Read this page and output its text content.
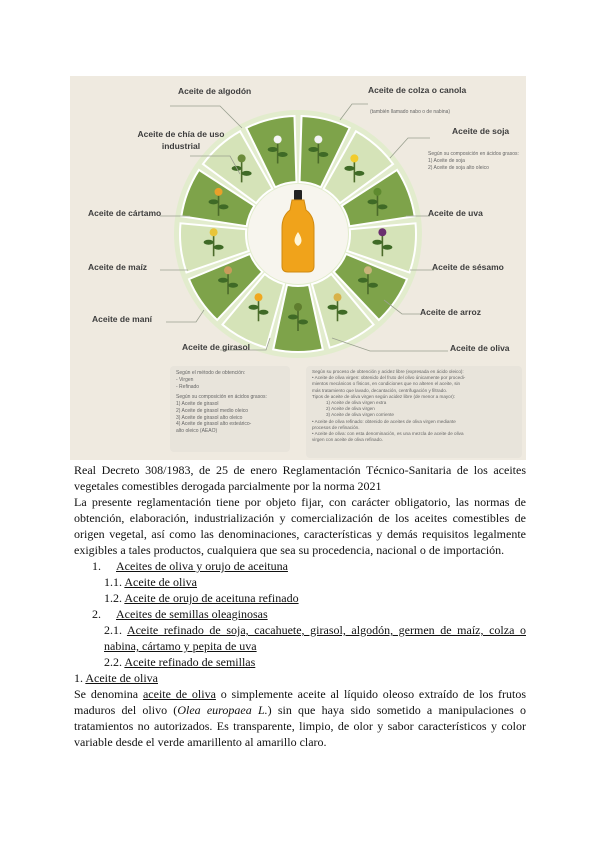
Aceite de algodón	Aceite de colza o canola
(también llamado nabo o de nabina)
Aceite de chía de uso industrial
Aceite de soja
Según su composición en ácidos grasos:
1) Aceite de soja
2) Aceite de soja alto oleico
Aceite de cártamo	Aceite de uva
Aceite de maíz	Aceite de sésamo
Aceite de maní
Aceite de arroz
Aceite de girasol	Aceite de oliva
Según el método de obtención:
- Virgen
- Refinado
Según su composición en ácidos grasos:
1) Aceite de girasol
2) Aceite de girasol medio oleico
3) Aceite de girasol alto oleico
4) Aceite de girasol alto esteárico-
alto oleico (AEAO)
Según su proceso de obtención y acidez libre (expresada en ácido oleico):
• Aceite de oliva virgen: obtenido del fruto del olivo únicamente por procedi-
mientos mecánicos o físicos, en condiciones que no alteren el aceite, sin
más tratamiento que lavado, decantación, centrifugación y filtrado.
Tipos de aceite de oliva virgen según acidez libre (de menor a mayor):
1) Aceite de oliva virgen extra
2) Aceite de oliva virgen
3) Aceite de oliva virgen corriente
• Aceite de oliva refinado: obtenido de aceites de oliva virgen mediante
procesos de refinación.
• Aceite de oliva: con esta denominación, es una mezcla de aceite de oliva
virgen con aceite de oliva refinado.
Real Decreto 308/1983, de 25 de enero Reglamentación Técnico-Sanitaria de los aceites
vegetales comestibles derogada parcialmente por la norma 2021

La presente reglamentación tiene por objeto fijar, con carácter obligatorio, las normas de obtención, elaboración, industrialización y comercialización de los aceites comestibles de origen vegetal, así como las denominaciones, características y demás requisitos legalmente exigibles a tales productos, cualquiera que sea su procedencia, nacional o de importación.

1. Aceites de oliva y orujo de aceituna
1.1. Aceite de oliva
1.2. Aceite de orujo de aceituna refinado
2. Aceites de semillas oleaginosas
2.1. Aceite refinado de soja, cacahuete, girasol, algodón, germen de maíz, colza o nabina, cártamo y pepita de uva
2.2. Aceite refinado de semillas
1. Aceite de oliva

Se denomina aceite de oliva o simplemente aceite al líquido oleoso extraído de los frutos maduros del olivo (Olea europaea L.) sin que haya sido sometido a manipulaciones o tratamientos no autorizados. Es transparente, limpio, de olor y sabor característicos y color variable desde el verde amarillento al amarillo claro.
